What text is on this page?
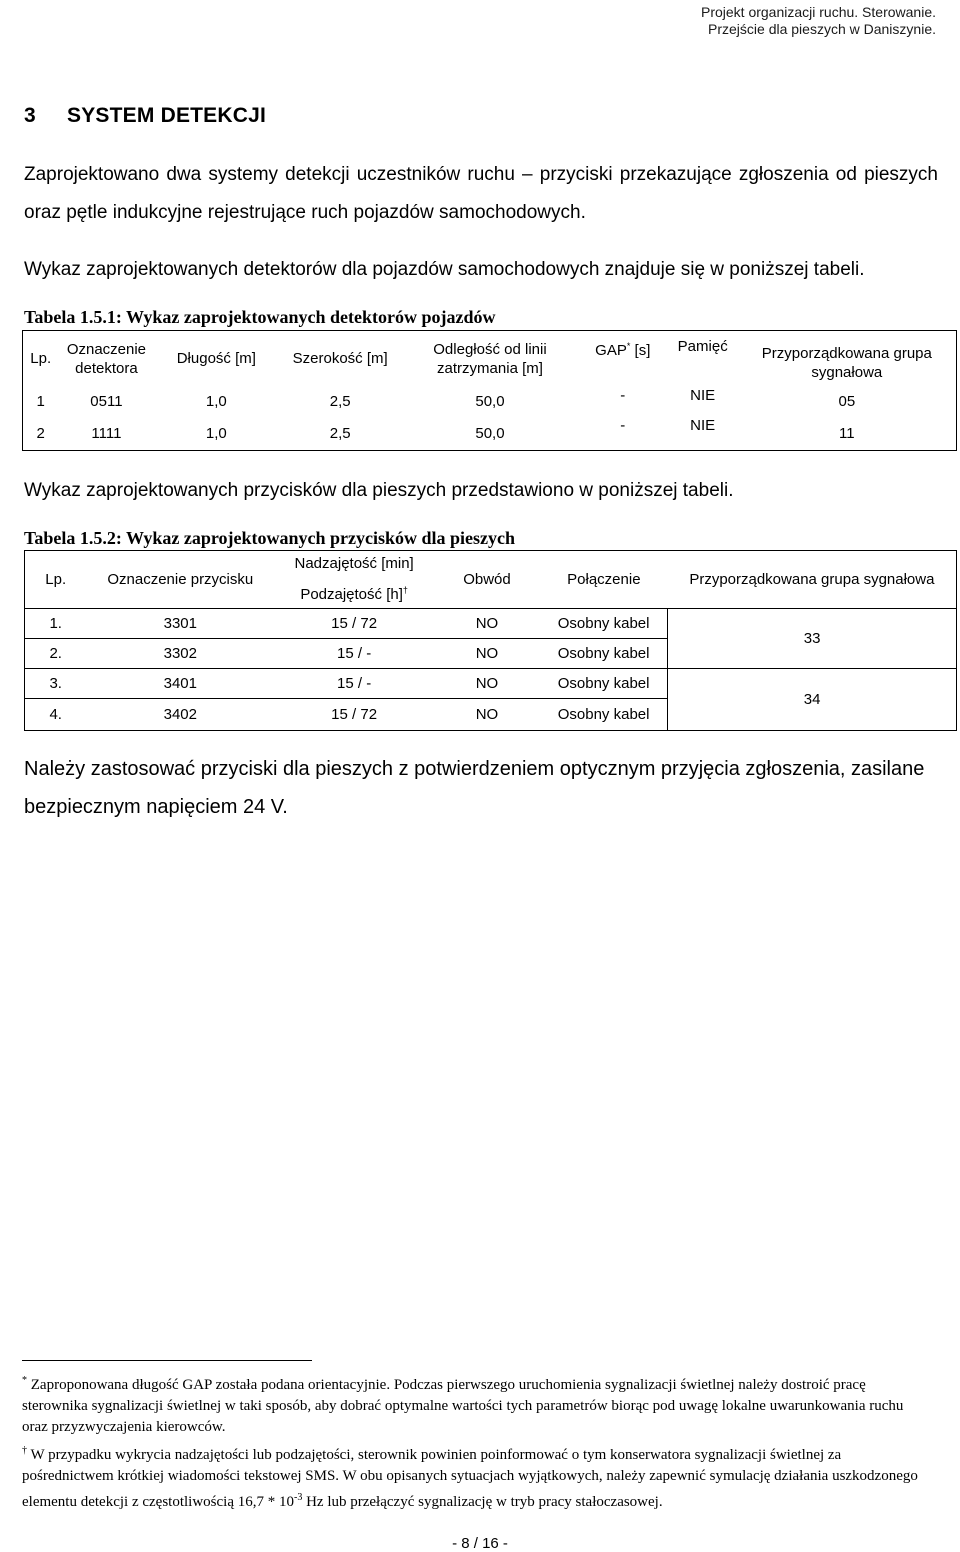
Projekt organizacji ruchu. Sterowanie.
Przejście dla pieszych w Daniszynie.
3 SYSTEM DETEKCJI
Zaprojektowano dwa systemy detekcji uczestników ruchu – przyciski przekazujące zgłoszenia od pieszych oraz pętle indukcyjne rejestrujące ruch pojazdów samochodowych.
Wykaz zaprojektowanych detektorów dla pojazdów samochodowych znajduje się w poniższej tabeli.
Tabela 1.5.1: Wykaz zaprojektowanych detektorów pojazdów
Lp.	Oznaczenie detektora	Długość [m]	Szerokość [m]	Odległość od linii zatrzymania [m]	GAP* [s]	Pamięć	Przyporządkowana grupa sygnałowa
1	0511	1,0	2,5	50,0	-	NIE	05
2	1111	1,0	2,5	50,0	-	NIE	11
Wykaz zaprojektowanych przycisków dla pieszych przedstawiono w poniższej tabeli.
Tabela 1.5.2: Wykaz zaprojektowanych przycisków dla pieszych
Lp.	Oznaczenie przycisku	Nadzajętość [min]
Podzajętość [h]†	Obwód	Połączenie	Przyporządkowana grupa sygnałowa
1.	3301	15 / 72	NO	Osobny kabel	33
2.	3302	15 / -	NO	Osobny kabel	
3.	3401	15 / -	NO	Osobny kabel	34
4.	3402	15 / 72	NO	Osobny kabel	
Należy zastosować przyciski dla pieszych z potwierdzeniem optycznym przyjęcia zgłoszenia, zasilane bezpiecznym napięciem 24 V.
* Zaproponowana długość GAP została podana orientacyjnie. Podczas pierwszego uruchomienia sygnalizacji świetlnej należy dostroić pracę sterownika sygnalizacji świetlnej w taki sposób, aby dobrać optymalne wartości tych parametrów biorąc pod uwagę lokalne uwarunkowania ruchu oraz przyzwyczajenia kierowców.
† W przypadku wykrycia nadzajętości lub podzajętości, sterownik powinien poinformować o tym konserwatora sygnalizacji świetlnej za pośrednictwem krótkiej wiadomości tekstowej SMS. W obu opisanych sytuacjach wyjątkowych, należy zapewnić symulację działania uszkodzonego elementu detekcji z częstotliwością $16,7 * 10^{-3}$ Hz lub przełączyć sygnalizację w tryb pracy stałoczasowej.
- 8 / 16 -
